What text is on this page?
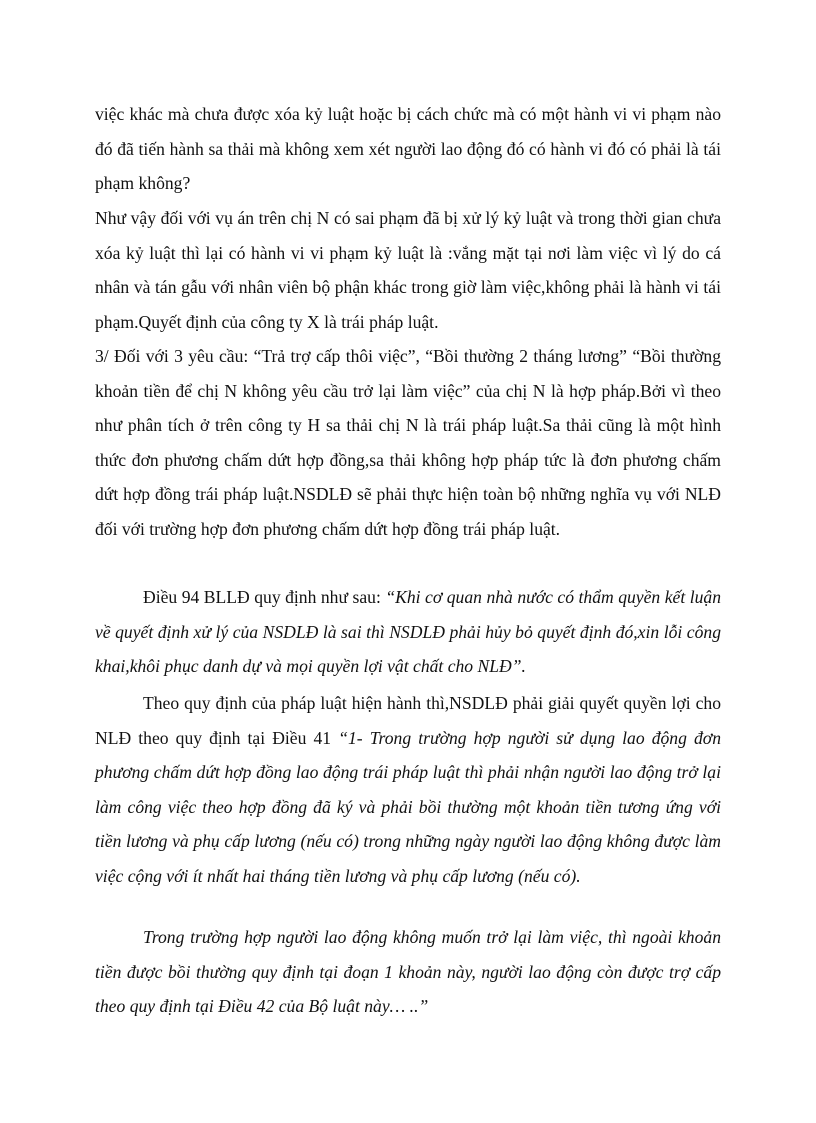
việc khác mà chưa được xóa kỷ luật hoặc bị cách chức mà có một hành vi vi phạm nào đó đã tiến hành sa thải mà không xem xét người lao động đó có hành vi đó có phải là tái phạm không?

Như vậy đối với vụ án trên chị N có sai phạm đã bị xử lý kỷ luật và trong thời gian chưa xóa kỷ luật thì lại có hành vi vi phạm kỷ luật là :vắng mặt tại nơi làm việc vì lý do cá nhân và tán gẫu với nhân viên bộ phận khác trong giờ làm việc,không phải là hành vi tái phạm.Quyết định của công ty X là trái pháp luật.

3/ Đối với 3 yêu cầu: “Trả trợ cấp thôi việc”, “Bồi thường 2 tháng lương” “Bồi thường khoản tiền để chị N không yêu cầu trở lại làm việc” của chị N là hợp pháp.Bởi vì theo như phân tích ở trên công ty H sa thải chị N là trái pháp luật.Sa thải cũng là một hình thức đơn phương chấm dứt hợp đồng,sa thải không hợp pháp tức là đơn phương chấm dứt hợp đồng trái pháp luật.NSDLĐ sẽ phải thực hiện toàn bộ những nghĩa vụ với NLĐ đối với trường hợp đơn phương chấm dứt hợp đồng trái pháp luật.

Điều 94 BLLĐ quy định như sau: “Khi cơ quan nhà nước có thẩm quyền kết luận về quyết định xử lý của NSDLĐ là sai thì NSDLĐ phải hủy bỏ quyết định đó,xin lỗi công khai,khôi phục danh dự và mọi quyền lợi vật chất cho NLĐ”.

Theo quy định của pháp luật hiện hành thì,NSDLĐ phải giải quyết quyền lợi cho NLĐ theo quy định tại Điều 41 “1- Trong trường hợp người sử dụng lao động đơn phương chấm dứt hợp đồng lao động trái pháp luật thì phải nhận người lao động trở lại làm công việc theo hợp đồng đã ký và phải bồi thường một khoản tiền tương ứng với tiền lương và phụ cấp lương (nếu có) trong những ngày người lao động không được làm việc cộng với ít nhất hai tháng tiền lương và phụ cấp lương (nếu có).

Trong trường hợp người lao động không muốn trở lại làm việc, thì ngoài khoản tiền được bồi thường quy định tại đoạn 1 khoản này, người lao động còn được trợ cấp theo quy định tại Điều 42 của Bộ luật này… ..”
